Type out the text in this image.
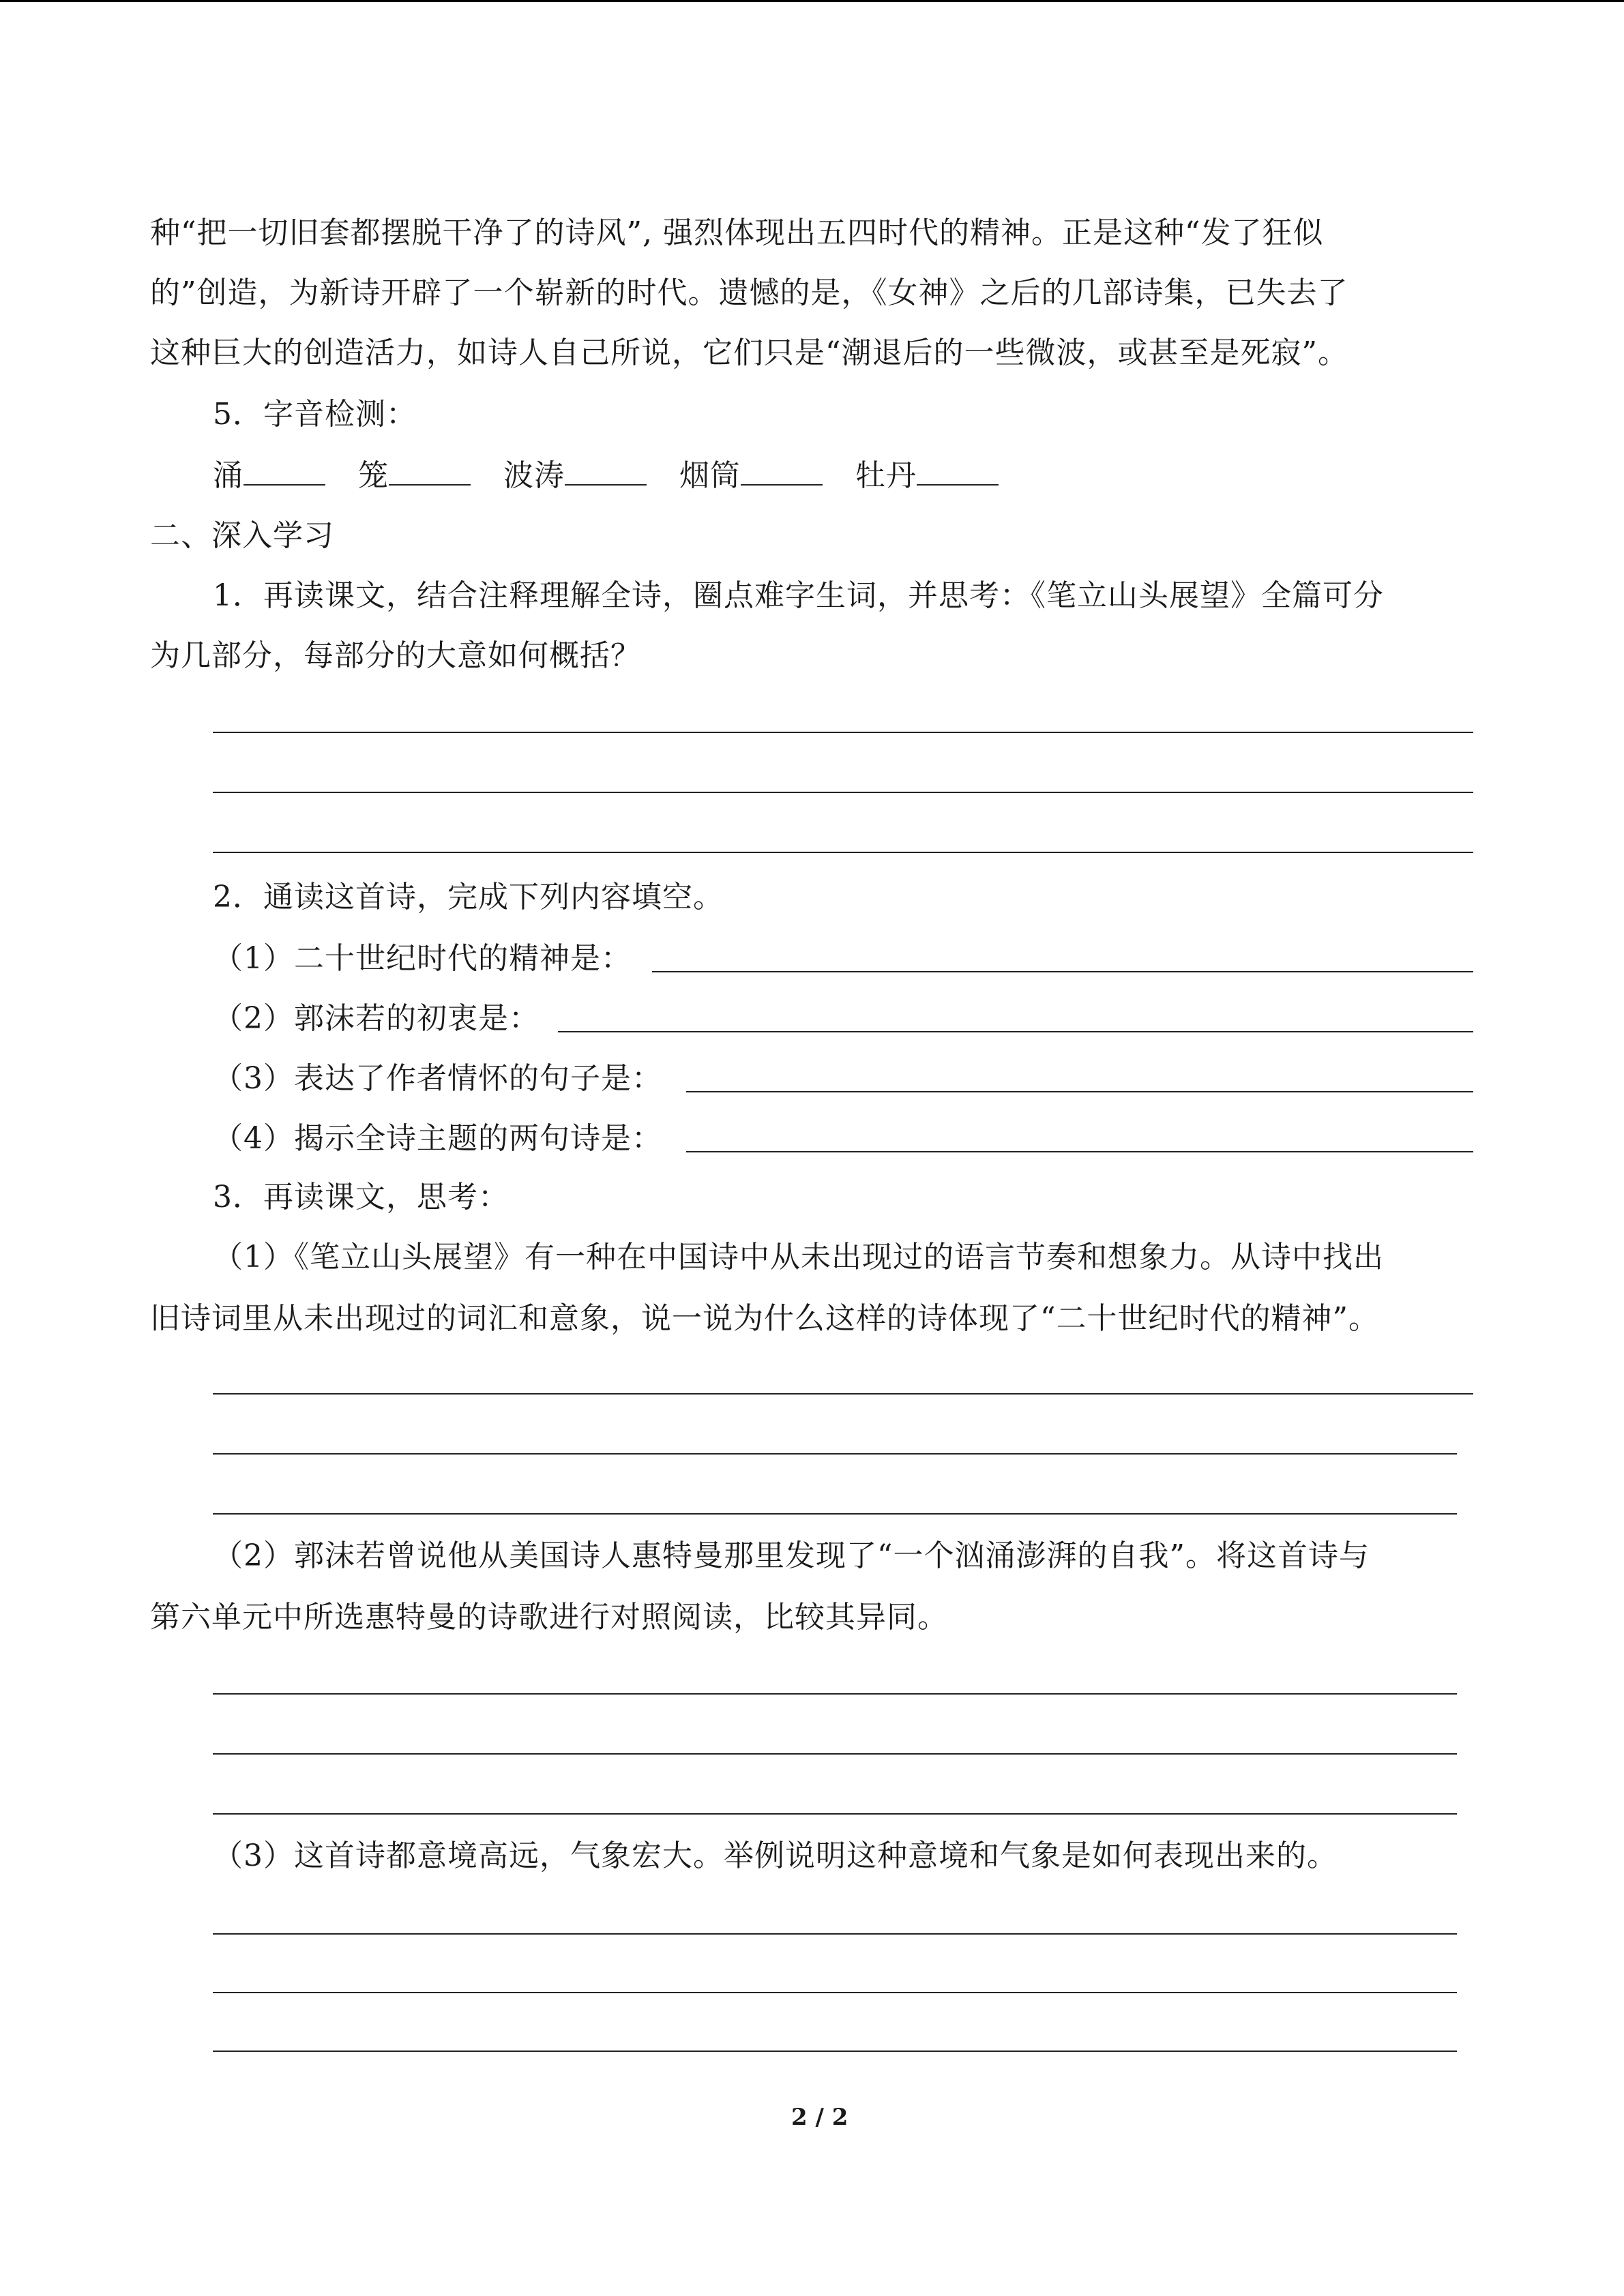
种“把一切旧套都摆脱干净了的诗风”, 强烈体现出五四时代的精神。正是这种“发了狂似
的”创造，为新诗开辟了一个崭新的时代。遗憾的是，《女神》之后的几部诗集，已失去了
这种巨大的创造活力，如诗人自己所说，它们只是“潮退后的一些微波，或甚至是死寂”。
5．字音检测：
涌	笼	波涛	烟筒	牡丹
二、深入学习
1．再读课文，结合注释理解全诗，圈点难字生词，并思考：《笔立山头展望》全篇可分
为几部分，每部分的大意如何概括？
2．通读这首诗，完成下列内容填空。
（1）二十世纪时代的精神是：
（2）郭沫若的初衷是：
（3）表达了作者情怀的句子是：
（4）揭示全诗主题的两句诗是：
3．再读课文，思考：
（1）《笔立山头展望》有一种在中国诗中从未出现过的语言节奏和想象力。从诗中找出
旧诗词里从未出现过的词汇和意象，说一说为什么这样的诗体现了“二十世纪时代的精神”。
（2）郭沫若曾说他从美国诗人惠特曼那里发现了“一个汹涌澎湃的自我”。将这首诗与
第六单元中所选惠特曼的诗歌进行对照阅读，比较其异同。
（3）这首诗都意境高远，气象宏大。举例说明这种意境和气象是如何表现出来的。
2 / 2
